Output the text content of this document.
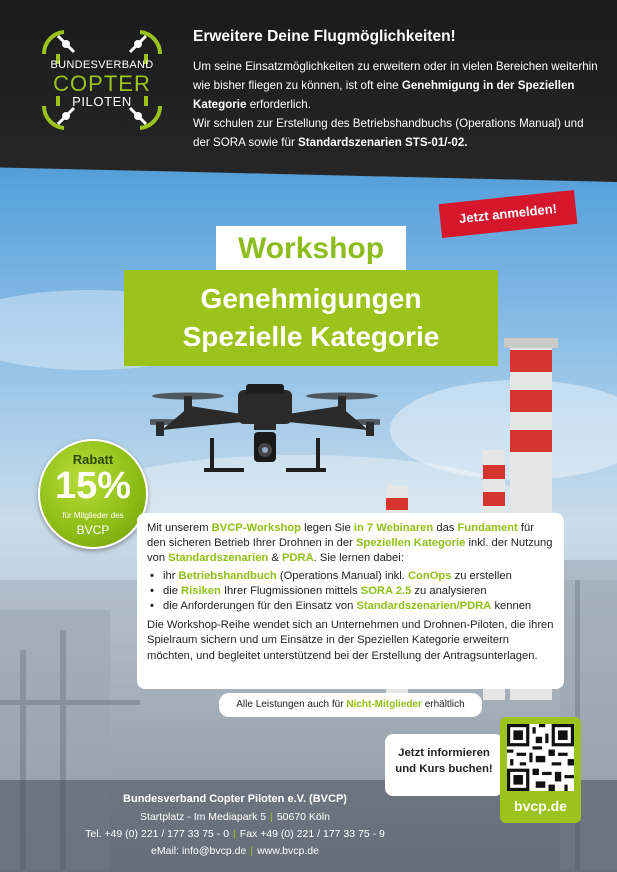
BUNDESVERBAND
COPTER
PILOTEN
Erweitere Deine Flugmöglichkeiten!

Um seine Einsatzmöglichkeiten zu erweitern oder in vielen Bereichen weiterhin wie bisher fliegen zu können, ist oft eine Genehmigung in der Speziellen Kategorie erforderlich.

Wir schulen zur Erstellung des Betriebshandbuchs (Operations Manual) und der SORA sowie für Standardszenarien STS-01/-02.

Jetzt anmelden!
Workshop
Genehmigungen
Spezielle Kategorie
Rabatt
15%
für Mitglieder des
BVCP	Mit unserem BVCP-Workshop legen Sie in 7 Webinaren das Fundament für den sicheren Betrieb Ihrer Drohnen in der Speziellen Kategorie inkl. der Nutzung von Standardszenarien & PDRA. Sie lernen dabei:

• ihr Betriebshandbuch (Operations Manual) inkl. ConOps zu erstellen
• die Risiken Ihrer Flugmissionen mittels SORA 2.5 zu analysieren
• die Anforderungen für den Einsatz von Standardszenarien/PDRA kennen

Die Workshop-Reihe wendet sich an Unternehmen und Drohnen-Piloten, die ihren Spielraum sichern und um Einsätze in der Speziellen Kategorie erweitern möchten, und begleitet unterstützend bei der Erstellung der Antragsunterlagen.

Alle Leistungen auch für Nicht-Mitglieder erhältlich
Bundesverband Copter Piloten e.V. (BVCP)
Startplatz - Im Mediapark 5 | 50670 Köln
Tel. +49 (0) 221 / 177 33 75 - 0 | Fax +49 (0) 221 / 177 33 75 - 9
eMail: info@bvcp.de | www.bvcp.de
Jetzt informieren
und Kurs buchen!
bvcp.de
